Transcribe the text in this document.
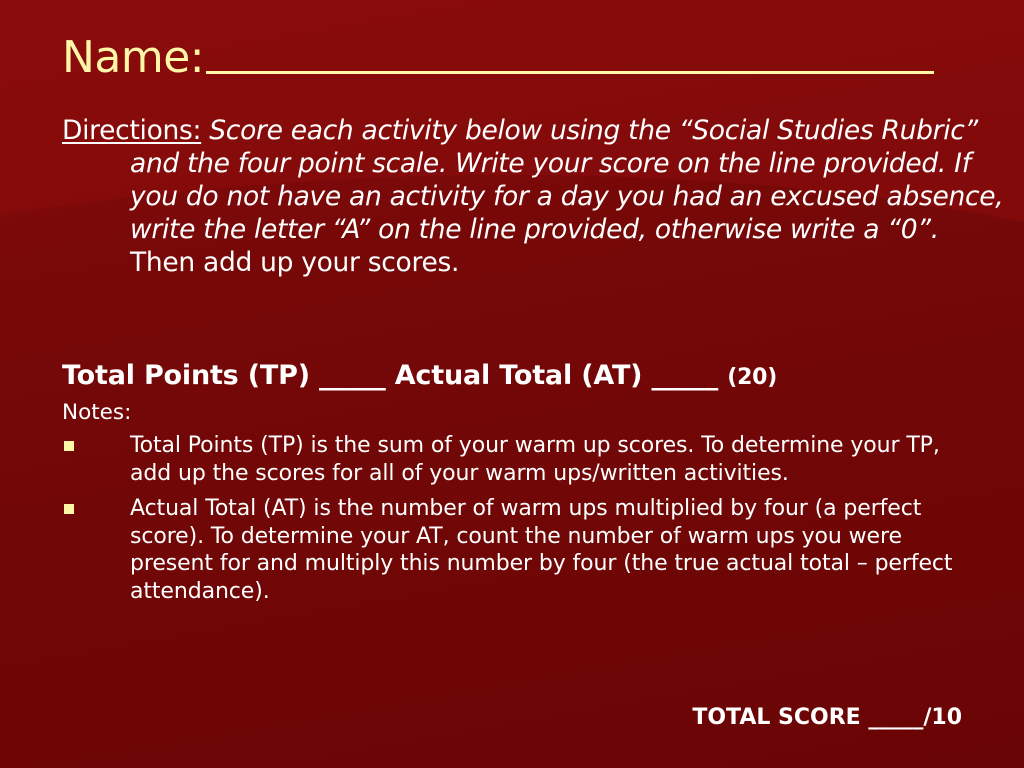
Name:
Directions: Score each activity below using the “Social Studies Rubric” and the four point scale. Write your score on the line provided. If you do not have an activity for a day you had an excused absence, write the letter “A” on the line provided, otherwise write a “0”. Then add up your scores.
Total Points (TP) _____ Actual Total (AT) _____ (20)
Notes:
Total Points (TP) is the sum of your warm up scores. To determine your TP, add up the scores for all of your warm ups/written activities.
Actual Total (AT) is the number of warm ups multiplied by four (a perfect score). To determine your AT, count the number of warm ups you were present for and multiply this number by four (the true actual total – perfect attendance).
TOTAL SCORE _____/10
